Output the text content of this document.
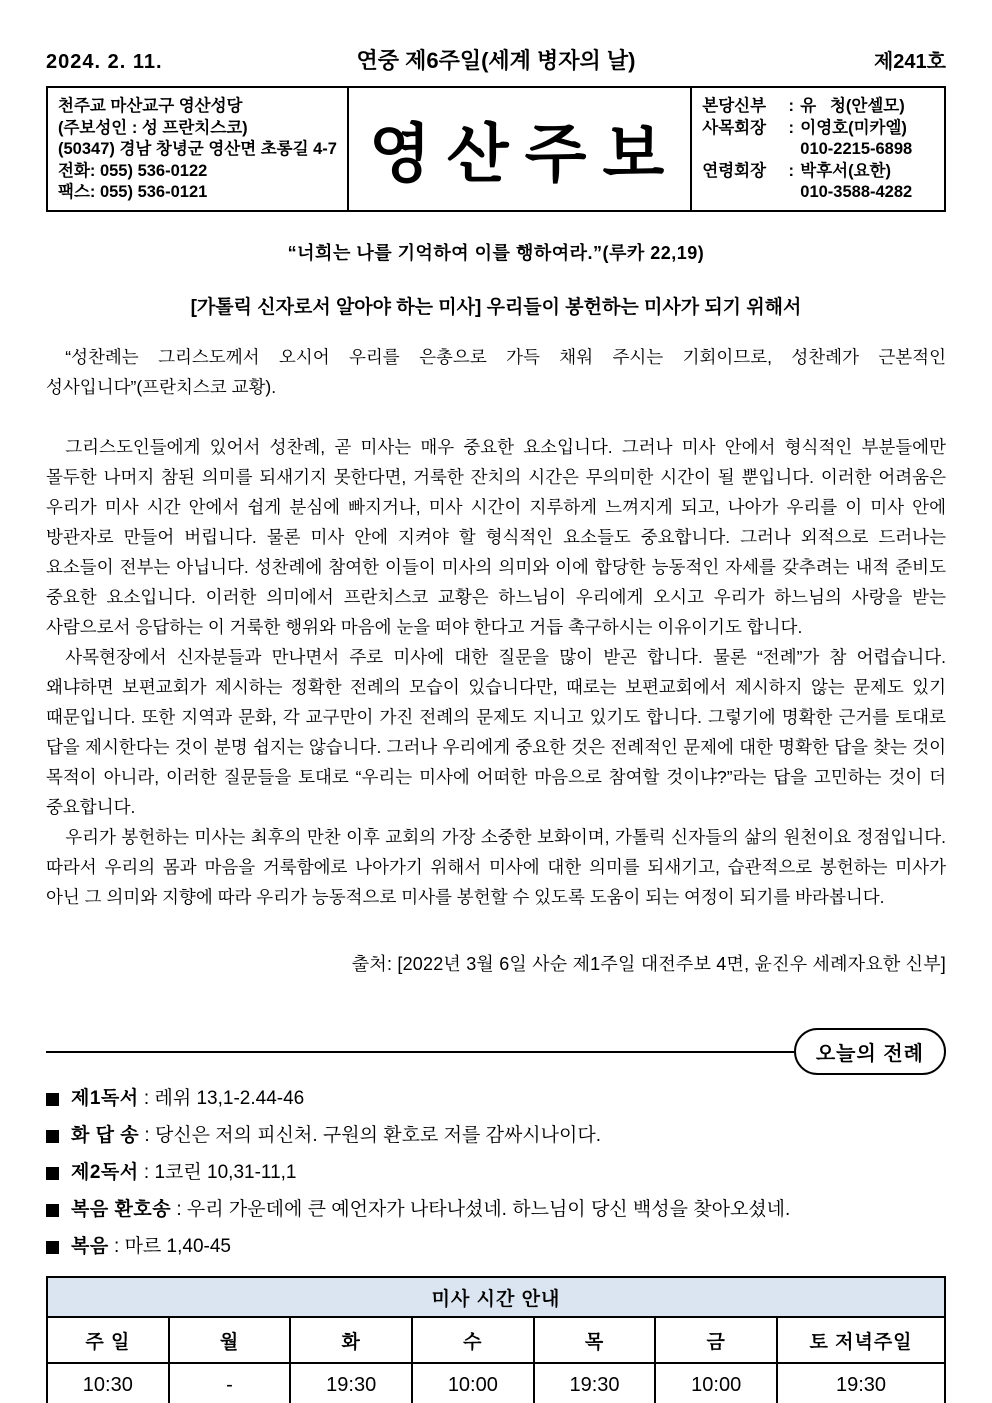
2024. 2. 11.	연중 제6주일(세계 병자의 날)	제241호
천주교 마산교구 영산성당
(주보성인 : 성 프란치스코)
(50347) 경남 창녕군 영산면 초롱길 4-7
전화: 055) 536-0122
팩스: 055) 536-0121	영산주보
본당신부	: 유   청(안셀모)
사목회장	: 이영호(미카엘)
010-2215-6898
연령회장	: 박후서(요한)
010-3588-4282
“너희는 나를 기억하여 이를 행하여라.”(루카 22,19)
[가톨릭 신자로서 알아야 하는 미사] 우리들이 봉헌하는 미사가 되기 위해서

“성찬례는 그리스도께서 오시어 우리를 은총으로 가득 채워 주시는 기회이므로, 성찬례가 근본적인 성사입니다”(프란치스코 교황).

그리스도인들에게 있어서 성찬례, 곧 미사는 매우 중요한 요소입니다. 그러나 미사 안에서 형식적인 부분들에만 몰두한 나머지 참된 의미를 되새기지 못한다면, 거룩한 잔치의 시간은 무의미한 시간이 될 뿐입니다. 이러한 어려움은 우리가 미사 시간 안에서 쉽게 분심에 빠지거나, 미사 시간이 지루하게 느껴지게 되고, 나아가 우리를 이 미사 안에 방관자로 만들어 버립니다. 물론 미사 안에 지켜야 할 형식적인 요소들도 중요합니다. 그러나 외적으로 드러나는 요소들이 전부는 아닙니다. 성찬례에 참여한 이들이 미사의 의미와 이에 합당한 능동적인 자세를 갖추려는 내적 준비도 중요한 요소입니다. 이러한 의미에서 프란치스코 교황은 하느님이 우리에게 오시고 우리가 하느님의 사랑을 받는 사람으로서 응답하는 이 거룩한 행위와 마음에 눈을 떠야 한다고 거듭 촉구하시는 이유이기도 합니다.

사목현장에서 신자분들과 만나면서 주로 미사에 대한 질문을 많이 받곤 합니다. 물론 “전례”가 참 어렵습니다. 왜냐하면 보편교회가 제시하는 정확한 전례의 모습이 있습니다만, 때로는 보편교회에서 제시하지 않는 문제도 있기 때문입니다. 또한 지역과 문화, 각 교구만이 가진 전례의 문제도 지니고 있기도 합니다. 그렇기에 명확한 근거를 토대로 답을 제시한다는 것이 분명 쉽지는 않습니다. 그러나 우리에게 중요한 것은 전례적인 문제에 대한 명확한 답을 찾는 것이 목적이 아니라, 이러한 질문들을 토대로 “우리는 미사에 어떠한 마음으로 참여할 것이냐?”라는 답을 고민하는 것이 더 중요합니다.

우리가 봉헌하는 미사는 최후의 만찬 이후 교회의 가장 소중한 보화이며, 가톨릭 신자들의 삶의 원천이요 정점입니다. 따라서 우리의 몸과 마음을 거룩함에로 나아가기 위해서 미사에 대한 의미를 되새기고, 습관적으로 봉헌하는 미사가 아닌 그 의미와 지향에 따라 우리가 능동적으로 미사를 봉헌할 수 있도록 도움이 되는 여정이 되기를 바라봅니다.

출처: [2022년 3월 6일 사순 제1주일 대전주보 4면, 윤진우 세례자요한 신부]
오늘의 전례
제1독서 : 레위 13,1-2.44-46
화 답 송 : 당신은 저의 피신처. 구원의 환호로 저를 감싸시나이다.
제2독서 : 1코린 10,31-11,1
복음 환호송 : 우리 가운데에 큰 예언자가 나타나셨네. 하느님이 당신 백성을 찾아오셨네.
복음 : 마르 1,40-45
미사 시간 안내						
주 일	월	화	수	목	금	토 저녁주일
10:30	-	19:30	10:00	19:30	10:00	19:30
